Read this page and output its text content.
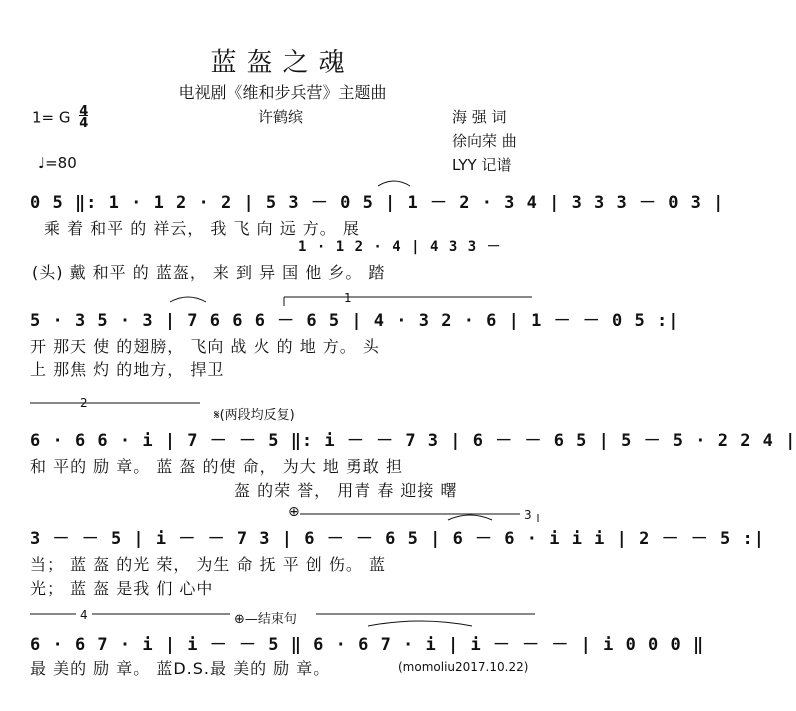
蓝盔之魂
电视剧《维和步兵营》主题曲
1= G 4
4	许鹤缤	海 强 词
徐向荣 曲
♩=80	LYY 记谱
0 5 ‖: 1 · 1 2 · 2 | 5 3 － 0 5 | 1 － 2 · 3 4 | 3 3 3 － 0 3 |
乘 着 和平 的 祥云， 我 飞 向 远 方。 展
1 · 1 2 · 4 | 4 3 3 －
(头) 戴 和平 的 蓝盔， 来 到 异 国 他 乡。 踏
1
5 · 3 5 · 3 | 7 6 6 6 － 6 5 | 4 · 3 2 · 6 | 1 － － 0 5 :|
开 那天 使 的翅膀， 飞向 战 火 的 地 方。 头
上 那焦 灼 的地方， 捍卫
2
𝄋(两段均反复)
6 · 6 6 · i | 7 － － 5 ‖: i － － 7 3 | 6 － － 6 5 | 5 － 5 · 2 2 4 |
和 平的 励 章。 蓝 盔 的使 命， 为大 地 勇敢 担
盔 的荣 誉， 用青 春 迎接 曙
⊕	3
3 － － 5 | i － － 7 3 | 6 － － 6 5 | 6 － 6 · i i i | 2 － － 5 :|
当； 蓝 盔 的光 荣， 为生 命 抚 平 创 伤。 蓝
光； 蓝 盔 是我 们 心中
4	⊕—结束句
6 · 6 7 · i | i － － 5 ‖ 6 · 6 7 · i | i － － － | i 0 0 0 ‖
最 美的 励 章。 蓝D.S.最 美的 励 章。	(momoliu2017.10.22)
